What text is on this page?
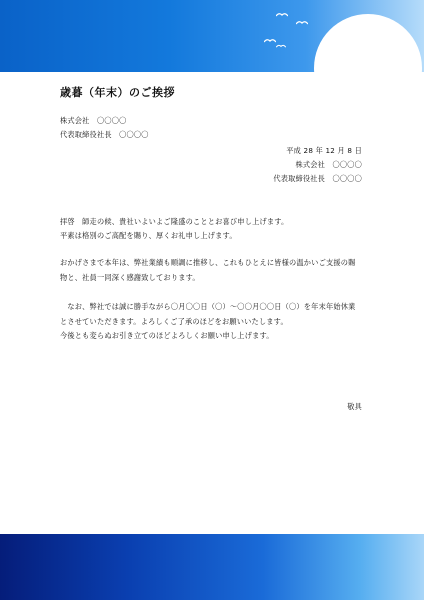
歳暮（年末）のご挨拶
株式会社　〇〇〇〇
代表取締役社長　〇〇〇〇
平成 28 年 12 月 8 日
株式会社　〇〇〇〇
代表取締役社長　〇〇〇〇
拝啓　師走の候、貴社いよいよご隆盛のこととお喜び申し上げます。
平素は格別のご高配を賜り、厚くお礼申し上げます。
おかげさまで本年は、弊社業績も順調に推移し、これもひとえに皆様の温かいご支援の賜
物と、社員一同深く感謝致しております。
　なお、弊社では誠に勝手ながら〇月〇〇日（〇）～〇〇月〇〇日（〇）を年末年始休業
とさせていただきます。よろしくご了承のほどをお願いいたします。
今後とも変らぬお引き立てのほどよろしくお願い申し上げます。
敬具
